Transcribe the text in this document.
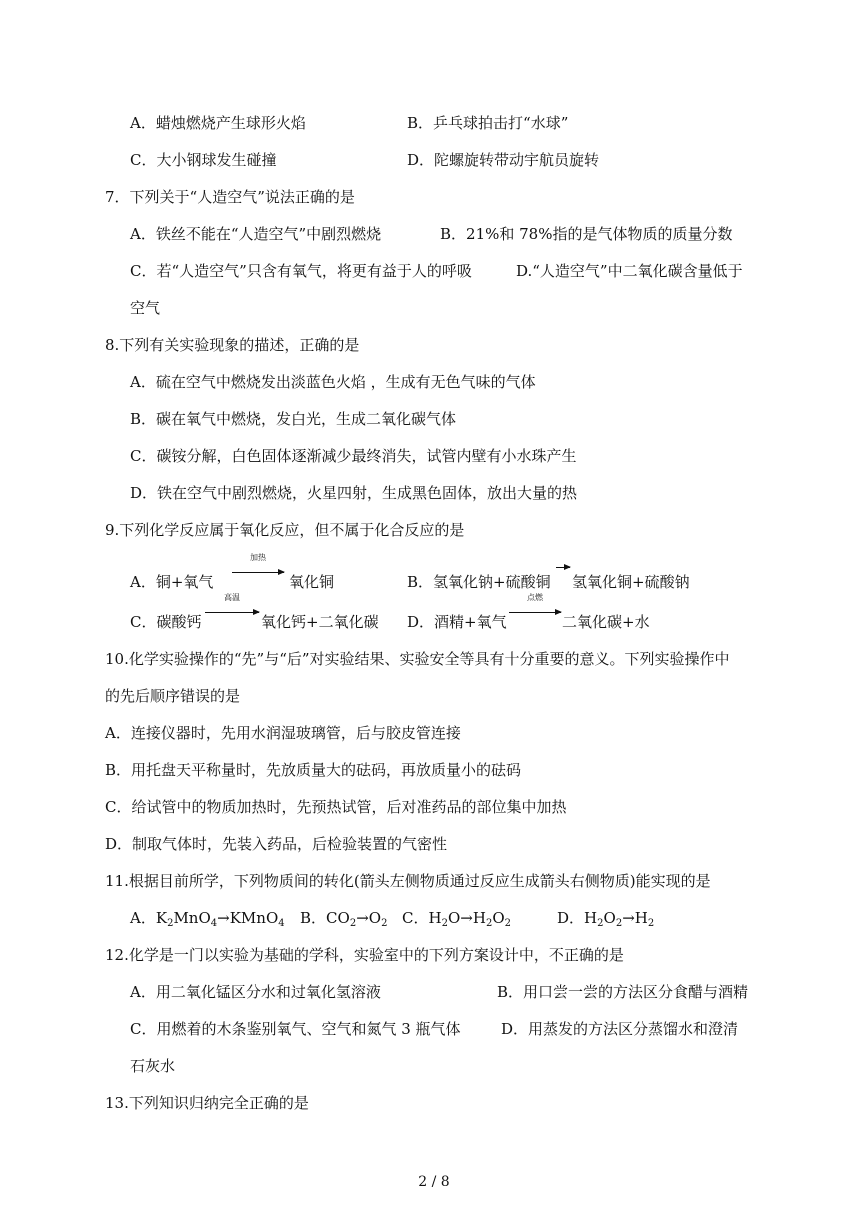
A．蜡烛燃烧产生球形火焰	B．乒乓球拍击打“水球”
C．大小钢球发生碰撞	D．陀螺旋转带动宇航员旋转
7．下列关于“人造空气”说法正确的是
A．铁丝不能在“人造空气”中剧烈燃烧	B．21%和 78%指的是气体物质的质量分数
C．若“人造空气”只含有氧气，将更有益于人的呼吸	D.“人造空气”中二氧化碳含量低于
空气
8.下列有关实验现象的描述，正确的是
A．硫在空气中燃烧发出淡蓝色火焰 ，生成有无色气味的气体
B．碳在氧气中燃烧，发白光，生成二氧化碳气体
C．碳铵分解，白色固体逐渐减少最终消失，试管内壁有小水珠产生
D．铁在空气中剧烈燃烧，火星四射，生成黑色固体，放出大量的热
9.下列化学反应属于氧化反应，但不属于化合反应的是
A．铜+氧气
加热
氧化铜	B．氢氧化钠+硫酸铜 氢氧化铜+硫酸钠
C．碳酸钙
高温
氧化钙+二氧化碳 D．酒精+氧气
点燃
二氧化碳+水
10.化学实验操作的“先”与“后”对实验结果、实验安全等具有十分重要的意义。下列实验操作中
的先后顺序错误的是
A．连接仪器时，先用水润湿玻璃管，后与胶皮管连接
B．用托盘天平称量时，先放质量大的砝码，再放质量小的砝码
C．给试管中的物质加热时，先预热试管，后对准药品的部位集中加热
D．制取气体时，先装入药品，后检验装置的气密性
11.根据目前所学，下列物质间的转化(箭头左侧物质通过反应生成箭头右侧物质)能实现的是
A．$K_2MnO_4\to KMnO_4$ B．$CO_2\to O_2$ C．$H_2O\to H_2O_2$	D．$H_2O_2\to H_2$
12.化学是一门以实验为基础的学科，实验室中的下列方案设计中，不正确的是
A．用二氧化锰区分水和过氧化氢溶液	B．用口尝一尝的方法区分食醋与酒精
C．用燃着的木条鉴别氧气、空气和氮气 3 瓶气体	D．用蒸发的方法区分蒸馏水和澄清
石灰水
13.下列知识归纳完全正确的是
2 / 8
